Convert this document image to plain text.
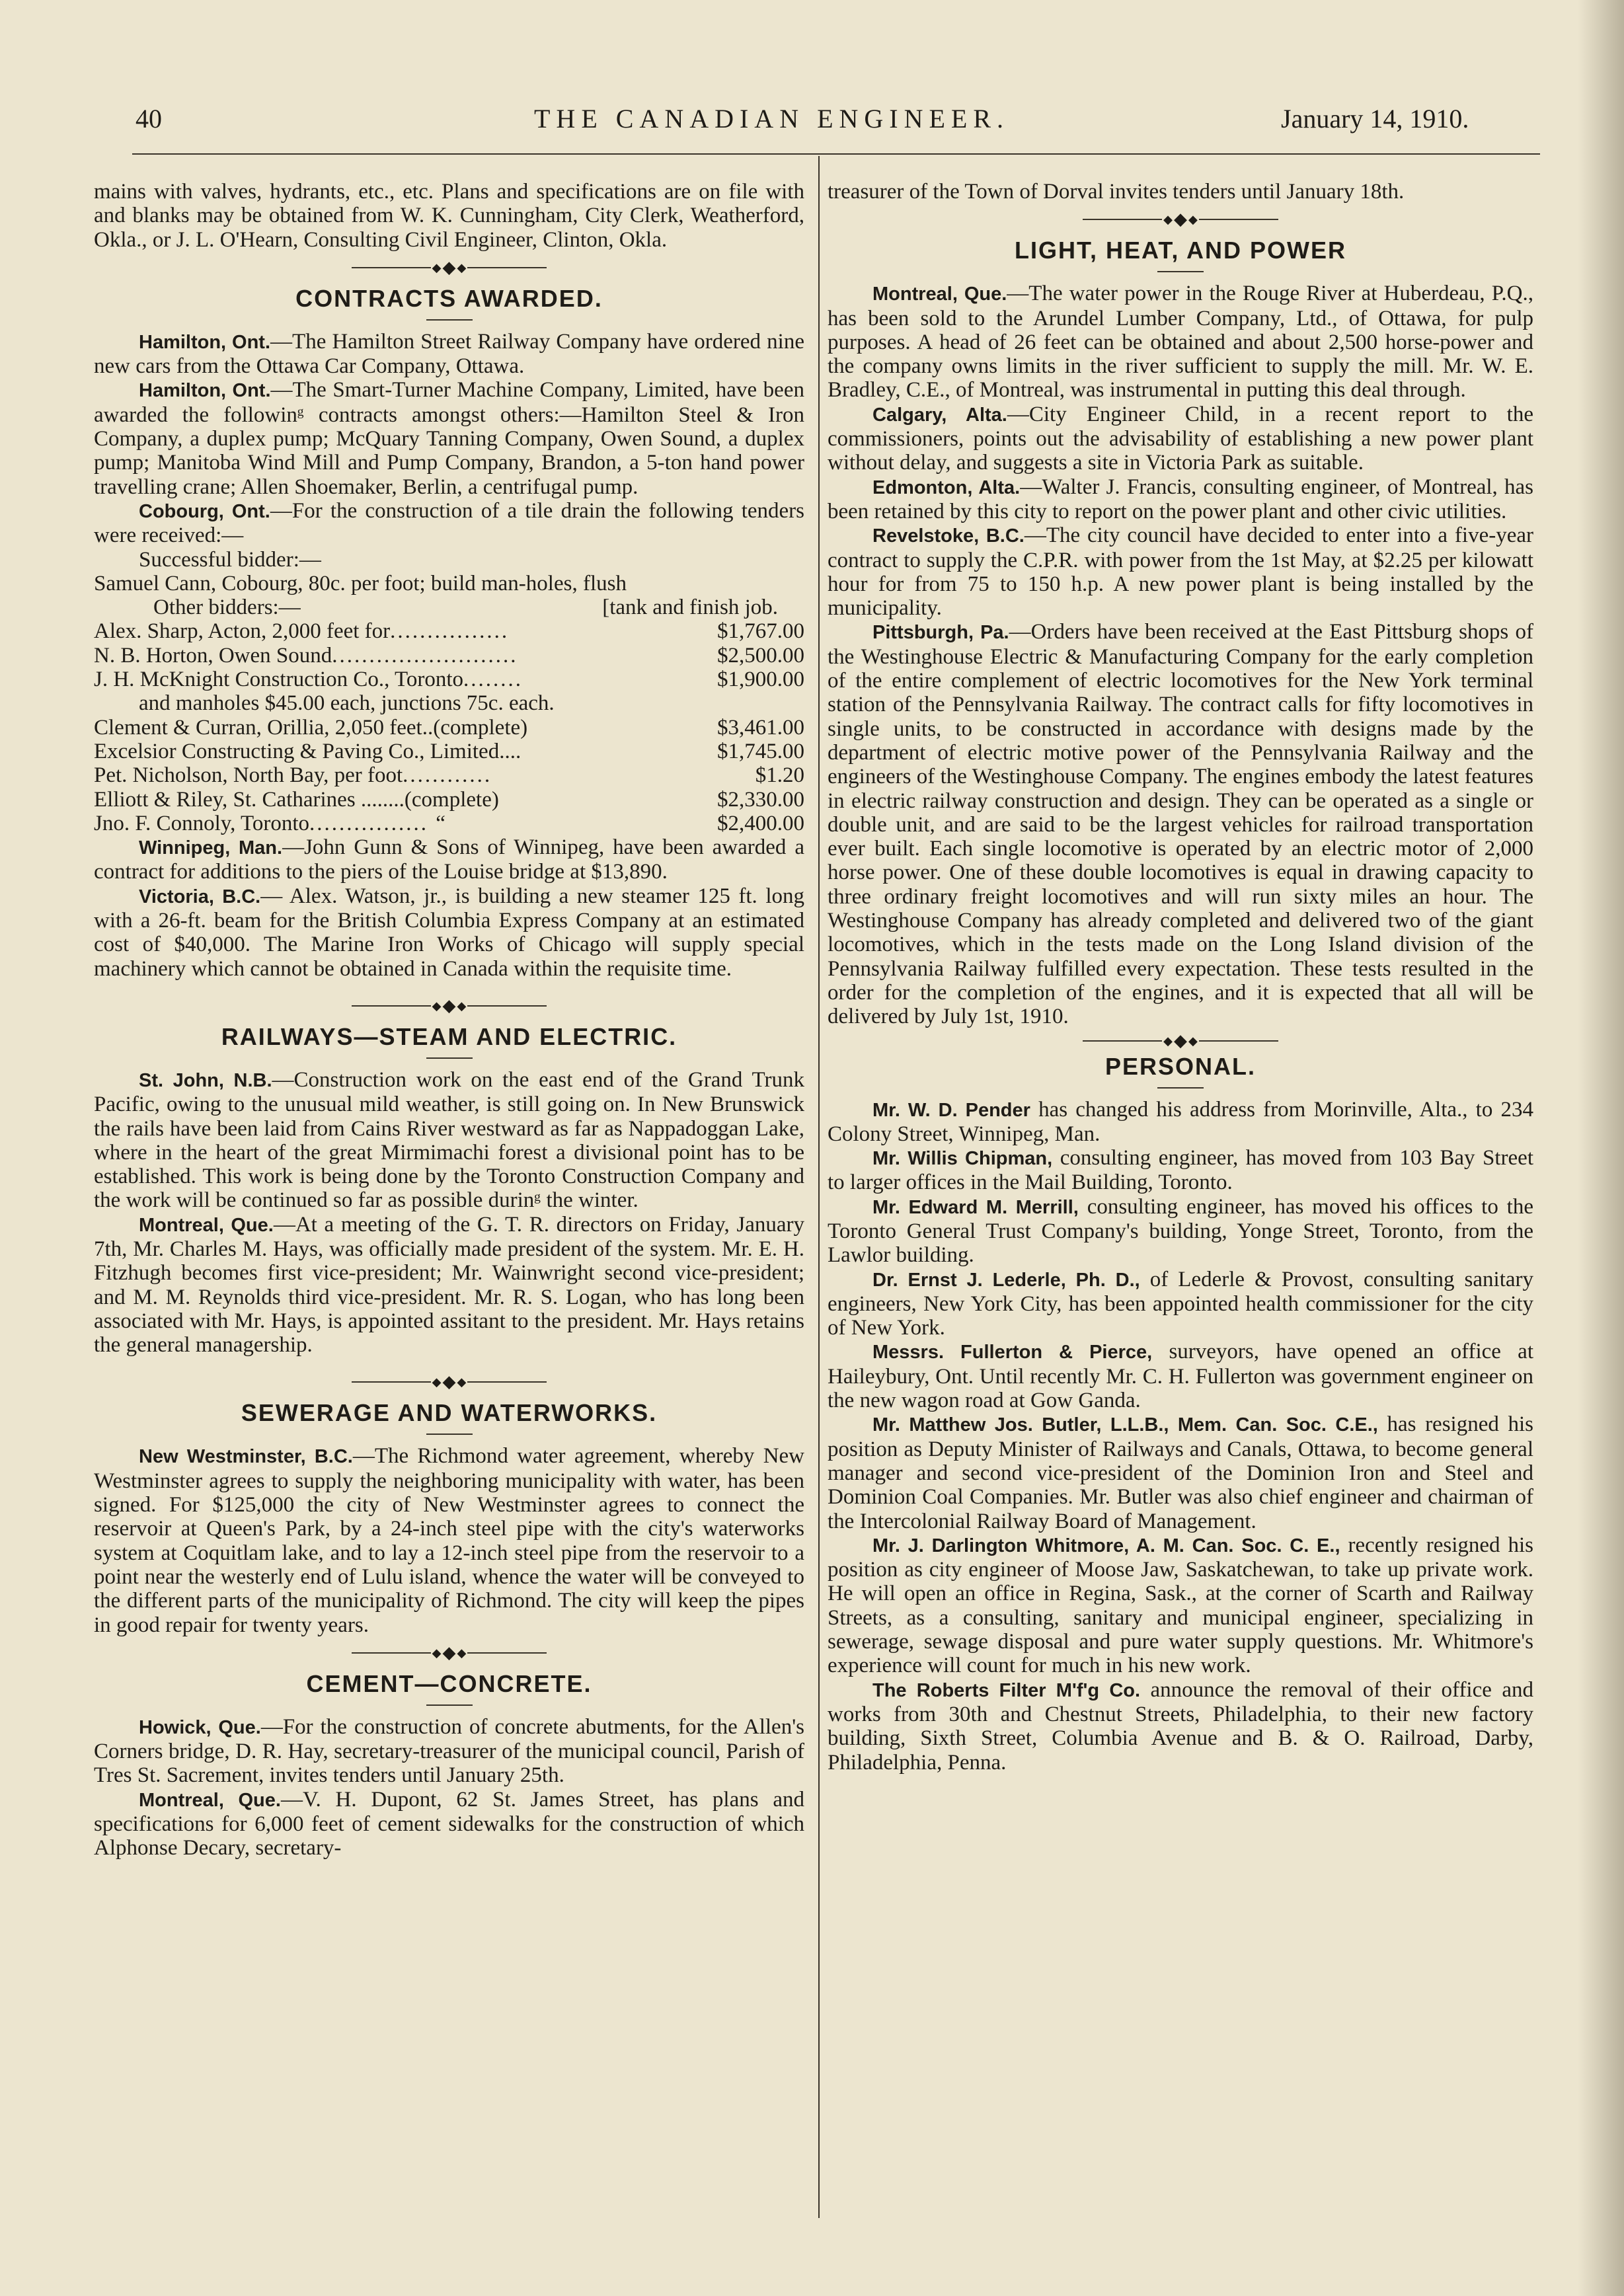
40	THE CANADIAN ENGINEER.	January 14, 1910.

mains with valves, hydrants, etc., etc. Plans and specifications are on file with and blanks may be obtained from W. K. Cunningham, City Clerk, Weatherford, Okla., or J. L. O'Hearn, Consulting Civil Engineer, Clinton, Okla.

◆ ◆ ◆
CONTRACTS AWARDED.

Hamilton, Ont.—The Hamilton Street Railway Company have ordered nine new cars from the Ottawa Car Company, Ottawa.

Hamilton, Ont.—The Smart-Turner Machine Company, Limited, have been awarded the followinᵍ contracts amongst others:—Hamilton Steel & Iron Company, a duplex pump; McQuary Tanning Company, Owen Sound, a duplex pump; Manitoba Wind Mill and Pump Company, Brandon, a 5-ton hand power travelling crane; Allen Shoemaker, Berlin, a centrifugal pump.

Cobourg, Ont.—For the construction of a tile drain the following tenders were received:—

Successful bidder:—

Samuel Cann, Cobourg, 80c. per foot; build man-holes, flush

Other bidders:—	[tank and finish job.
Alex. Sharp, Acton, 2,000 feet for ................	$1,767.00
N. B. Horton, Owen Sound .........................	$2,500.00
J. H. McKnight Construction Co., Toronto ........	$1,900.00

and manholes $45.00 each, junctions 75c. each.

Clement & Curran, Orillia, 2,050 feet..(complete)	$3,461.00
Excelsior Constructing & Paving Co., Limited....	$1,745.00
Pet. Nicholson, North Bay, per foot ............	$1.20
Elliott & Riley, St. Catharines ........(complete)	$2,330.00
Jno. F. Connoly, Toronto ................ “	$2,400.00

Winnipeg, Man.—John Gunn & Sons of Winnipeg, have been awarded a contract for additions to the piers of the Louise bridge at $13,890.

Victoria, B.C.— Alex. Watson, jr., is building a new steamer 125 ft. long with a 26-ft. beam for the British Columbia Express Company at an estimated cost of $40,000. The Marine Iron Works of Chicago will supply special machinery which cannot be obtained in Canada within the requisite time.

◆ ◆ ◆
RAILWAYS—STEAM AND ELECTRIC.

St. John, N.B.—Construction work on the east end of the Grand Trunk Pacific, owing to the unusual mild weather, is still going on. In New Brunswick the rails have been laid from Cains River westward as far as Nappadoggan Lake, where in the heart of the great Mirmimachi forest a divisional point has to be established. This work is being done by the Toronto Construction Company and the work will be continued so far as possible durinᵍ the winter.

Montreal, Que.—At a meeting of the G. T. R. directors on Friday, January 7th, Mr. Charles M. Hays, was officially made president of the system. Mr. E. H. Fitzhugh becomes first vice-president; Mr. Wainwright second vice-president; and M. M. Reynolds third vice-president. Mr. R. S. Logan, who has long been associated with Mr. Hays, is appointed assitant to the president. Mr. Hays retains the general managership.

◆ ◆ ◆
SEWERAGE AND WATERWORKS.

New Westminster, B.C.—The Richmond water agreement, whereby New Westminster agrees to supply the neighboring municipality with water, has been signed. For $125,000 the city of New Westminster agrees to connect the reservoir at Queen's Park, by a 24-inch steel pipe with the city's waterworks system at Coquitlam lake, and to lay a 12-inch steel pipe from the reservoir to a point near the westerly end of Lulu island, whence the water will be conveyed to the different parts of the municipality of Richmond. The city will keep the pipes in good repair for twenty years.

◆ ◆ ◆
CEMENT—CONCRETE.

Howick, Que.—For the construction of concrete abutments, for the Allen's Corners bridge, D. R. Hay, secretary-treasurer of the municipal council, Parish of Tres St. Sacrement, invites tenders until January 25th.

Montreal, Que.—V. H. Dupont, 62 St. James Street, has plans and specifications for 6,000 feet of cement sidewalks for the construction of which Alphonse Decary, secretary-

treasurer of the Town of Dorval invites tenders until January 18th.

◆ ◆ ◆
LIGHT, HEAT, AND POWER

Montreal, Que.—The water power in the Rouge River at Huberdeau, P.Q., has been sold to the Arundel Lumber Company, Ltd., of Ottawa, for pulp purposes. A head of 26 feet can be obtained and about 2,500 horse-power and the company owns limits in the river sufficient to supply the mill. Mr. W. E. Bradley, C.E., of Montreal, was instrumental in putting this deal through.

Calgary, Alta.—City Engineer Child, in a recent report to the commissioners, points out the advisability of establishing a new power plant without delay, and suggests a site in Victoria Park as suitable.

Edmonton, Alta.—Walter J. Francis, consulting engineer, of Montreal, has been retained by this city to report on the power plant and other civic utilities.

Revelstoke, B.C.—The city council have decided to enter into a five-year contract to supply the C.P.R. with power from the 1st May, at $2.25 per kilowatt hour for from 75 to 150 h.p. A new power plant is being installed by the municipality.

Pittsburgh, Pa.—Orders have been received at the East Pittsburg shops of the Westinghouse Electric & Manufacturing Company for the early completion of the entire complement of electric locomotives for the New York terminal station of the Pennsylvania Railway. The contract calls for fifty locomotives in single units, to be constructed in accordance with designs made by the department of electric motive power of the Pennsylvania Railway and the engineers of the Westinghouse Company. The engines embody the latest features in electric railway construction and design. They can be operated as a single or double unit, and are said to be the largest vehicles for railroad transportation ever built. Each single locomotive is operated by an electric motor of 2,000 horse power. One of these double locomotives is equal in drawing capacity to three ordinary freight locomotives and will run sixty miles an hour. The Westinghouse Company has already completed and delivered two of the giant locomotives, which in the tests made on the Long Island division of the Pennsylvania Railway fulfilled every expectation. These tests resulted in the order for the completion of the engines, and it is expected that all will be delivered by July 1st, 1910.

◆ ◆ ◆
PERSONAL.

Mr. W. D. Pender has changed his address from Morinville, Alta., to 234 Colony Street, Winnipeg, Man.

Mr. Willis Chipman, consulting engineer, has moved from 103 Bay Street to larger offices in the Mail Building, Toronto.

Mr. Edward M. Merrill, consulting engineer, has moved his offices to the Toronto General Trust Company's building, Yonge Street, Toronto, from the Lawlor building.

Dr. Ernst J. Lederle, Ph. D., of Lederle & Provost, consulting sanitary engineers, New York City, has been appointed health commissioner for the city of New York.

Messrs. Fullerton & Pierce, surveyors, have opened an office at Haileybury, Ont. Until recently Mr. C. H. Fullerton was government engineer on the new wagon road at Gow Ganda.

Mr. Matthew Jos. Butler, L.L.B., Mem. Can. Soc. C.E., has resigned his position as Deputy Minister of Railways and Canals, Ottawa, to become general manager and second vice-president of the Dominion Iron and Steel and Dominion Coal Companies. Mr. Butler was also chief engineer and chairman of the Intercolonial Railway Board of Management.

Mr. J. Darlington Whitmore, A. M. Can. Soc. C. E., recently resigned his position as city engineer of Moose Jaw, Saskatchewan, to take up private work. He will open an office in Regina, Sask., at the corner of Scarth and Railway Streets, as a consulting, sanitary and municipal engineer, specializing in sewerage, sewage disposal and pure water supply questions. Mr. Whitmore's experience will count for much in his new work.

The Roberts Filter M'f'g Co. announce the removal of their office and works from 30th and Chestnut Streets, Philadelphia, to their new factory building, Sixth Street, Columbia Avenue and B. & O. Railroad, Darby, Philadelphia, Penna.
